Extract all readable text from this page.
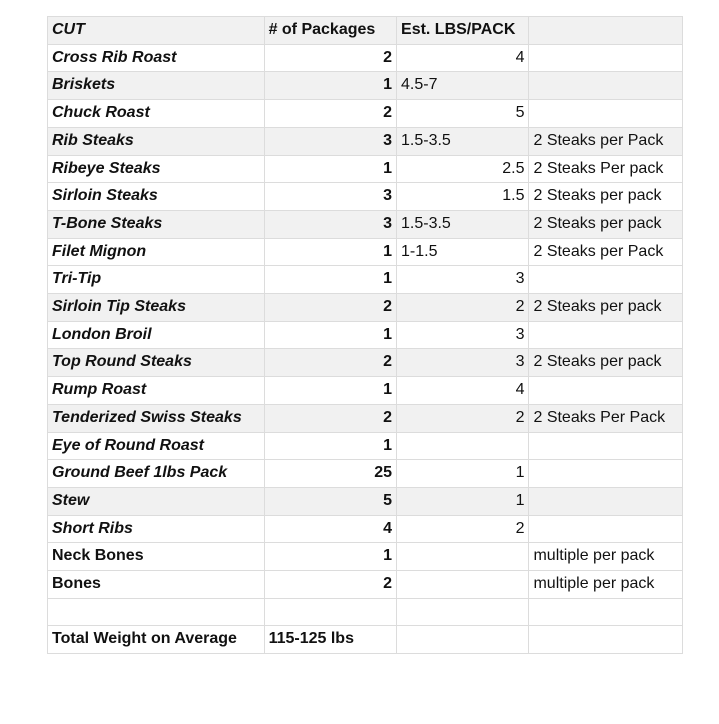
CUT	# of Packages	Est. LBS/PACK	
Cross Rib Roast	2	4	
Briskets	1	4.5-7	
Chuck Roast	2	5	
Rib Steaks	3	1.5-3.5	2 Steaks per Pack
Ribeye Steaks	1	2.5	2 Steaks Per pack
Sirloin Steaks	3	1.5	2 Steaks per pack
T-Bone Steaks	3	1.5-3.5	2 Steaks per pack
Filet Mignon	1	1-1.5	2 Steaks per Pack
Tri-Tip	1	3	
Sirloin Tip Steaks	2	2	2 Steaks per pack
London Broil	1	3	
Top Round Steaks	2	3	2 Steaks per pack
Rump Roast	1	4	
Tenderized Swiss Steaks	2	2	2 Steaks Per Pack
Eye of Round Roast	1		
Ground Beef 1lbs Pack	25	1	
Stew	5	1	
Short Ribs	4	2	
Neck Bones	1		multiple per pack
Bones	2		multiple per pack

Total Weight on Average	115-125 lbs		
